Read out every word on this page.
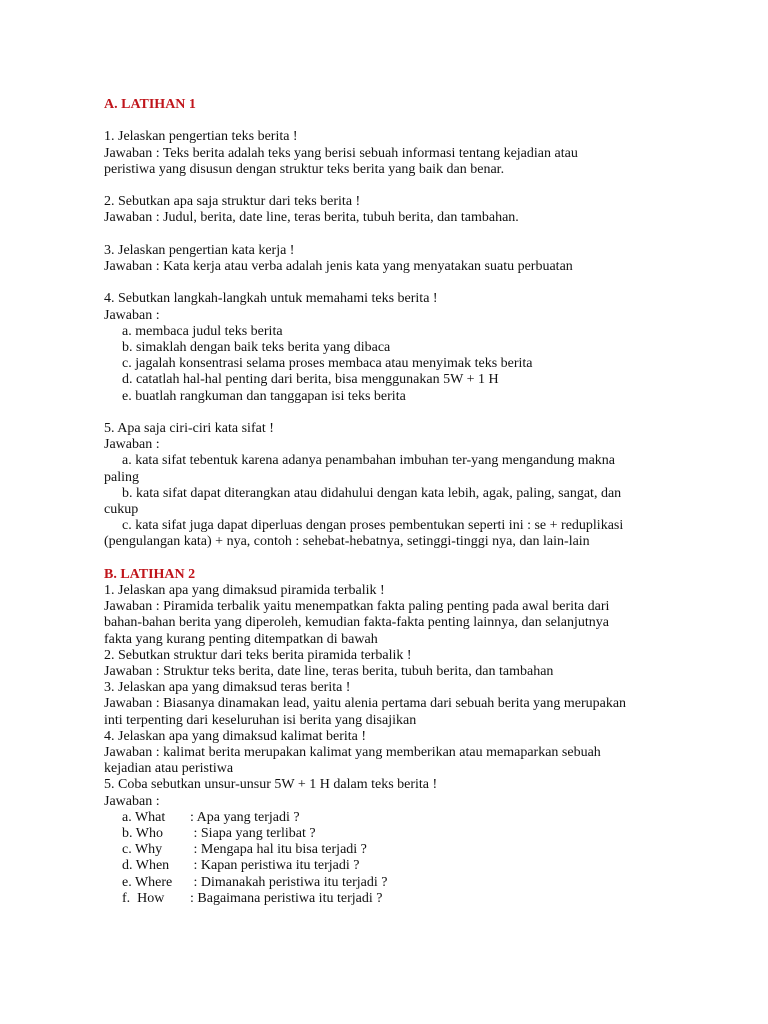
A. LATIHAN 1

1. Jelaskan pengertian teks berita !

Jawaban : Teks berita adalah teks yang berisi sebuah informasi tentang kejadian atau

peristiwa yang disusun dengan struktur teks berita yang baik dan benar.

2. Sebutkan apa saja struktur dari teks berita !

Jawaban : Judul, berita, date line, teras berita, tubuh berita, dan tambahan.

3. Jelaskan pengertian kata kerja !

Jawaban : Kata kerja atau verba adalah jenis kata yang menyatakan suatu perbuatan

4. Sebutkan langkah-langkah untuk memahami teks berita !

Jawaban :

a. membaca judul teks berita

b. simaklah dengan baik teks berita yang dibaca

c. jagalah konsentrasi selama proses membaca atau menyimak teks berita

d. catatlah hal-hal penting dari berita, bisa menggunakan 5W + 1 H

e. buatlah rangkuman dan tanggapan isi teks berita

5. Apa saja ciri-ciri kata sifat !

Jawaban :

a. kata sifat tebentuk karena adanya penambahan imbuhan ter-yang mengandung makna

paling

b. kata sifat dapat diterangkan atau didahului dengan kata lebih, agak, paling, sangat, dan

cukup

c. kata sifat juga dapat diperluas dengan proses pembentukan seperti ini : se + reduplikasi

(pengulangan kata) + nya, contoh : sehebat-hebatnya, setinggi-tinggi nya, dan lain-lain

B. LATIHAN 2

1. Jelaskan apa yang dimaksud piramida terbalik !

Jawaban : Piramida terbalik yaitu menempatkan fakta paling penting pada awal berita dari

bahan-bahan berita yang diperoleh, kemudian fakta-fakta penting lainnya, dan selanjutnya

fakta yang kurang penting ditempatkan di bawah

2. Sebutkan struktur dari teks berita piramida terbalik !

Jawaban : Struktur teks berita, date line, teras berita, tubuh berita, dan tambahan

3. Jelaskan apa yang dimaksud teras berita !

Jawaban : Biasanya dinamakan lead, yaitu alenia pertama dari sebuah berita yang merupakan

inti terpenting dari keseluruhan isi berita yang disajikan

4. Jelaskan apa yang dimaksud kalimat berita !

Jawaban : kalimat berita merupakan kalimat yang memberikan atau memaparkan sebuah

kejadian atau peristiwa

5. Coba sebutkan unsur-unsur 5W + 1 H dalam teks berita !

Jawaban :

a. What	: Apa yang terjadi ?
b. Who	: Siapa yang terlibat ?
c. Why	: Mengapa hal itu bisa terjadi ?
d. When	: Kapan peristiwa itu terjadi ?
e. Where	: Dimanakah peristiwa itu terjadi ?
f.  How	: Bagaimana peristiwa itu terjadi ?
